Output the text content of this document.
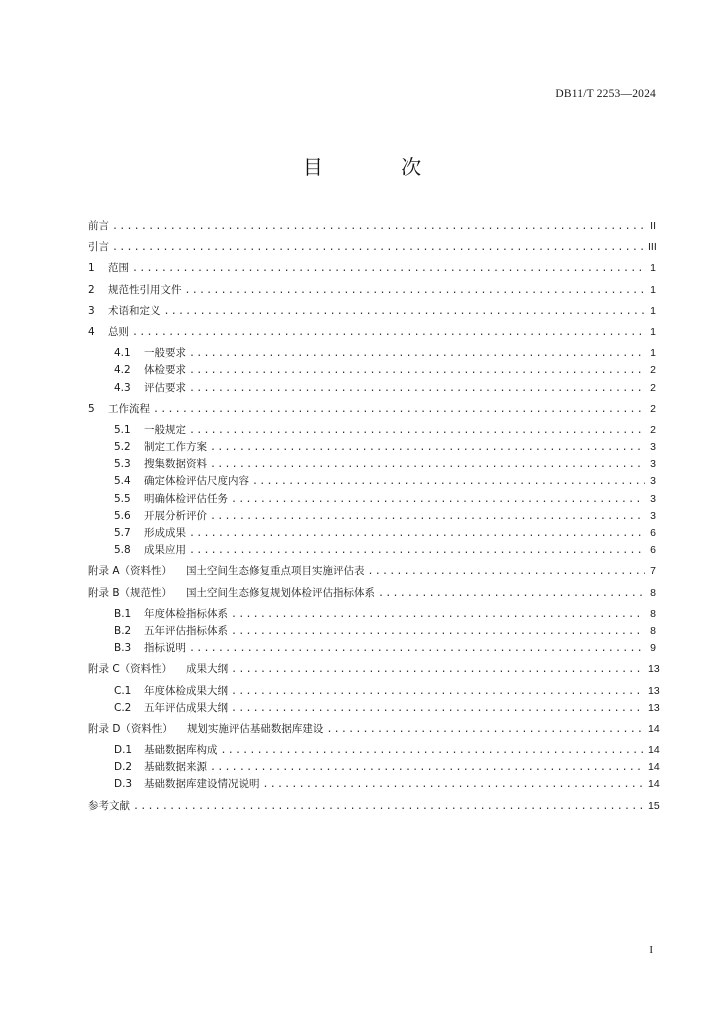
DB11/T 2253—2024
目 次
前言 .....	II
引言 .....	III
1	范围 .....	1
2	规范性引用文件 .....	1
3	术语和定义 .....	1
4	总则 .....	1
4.1	一般要求 .....	1
4.2	体检要求 .....	2
4.3	评估要求 .....	2
5	工作流程 .....	2
5.1	一般规定 .....	2
5.2	制定工作方案 .....	3
5.3	搜集数据资料 .....	3
5.4	确定体检评估尺度内容 .....	3
5.5	明确体检评估任务 .....	3
5.6	开展分析评价 .....	3
5.7	形成成果 .....	6
5.8	成果应用 .....	6
附录 A（资料性） 国土空间生态修复重点项目实施评估表 .....	7
附录 B（规范性） 国土空间生态修复规划体检评估指标体系 .....	8
B.1	年度体检指标体系 .....	8
B.2	五年评估指标体系 .....	8
B.3	指标说明 .....	9
附录 C（资料性） 成果大纲 .....	13
C.1	年度体检成果大纲 .....	13
C.2	五年评估成果大纲 .....	13
附录 D（资料性） 规划实施评估基础数据库建设 .....	14
D.1	基础数据库构成 .....	14
D.2	基础数据来源 .....	14
D.3	基础数据库建设情况说明 .....	14
参考文献 .....	15
I
